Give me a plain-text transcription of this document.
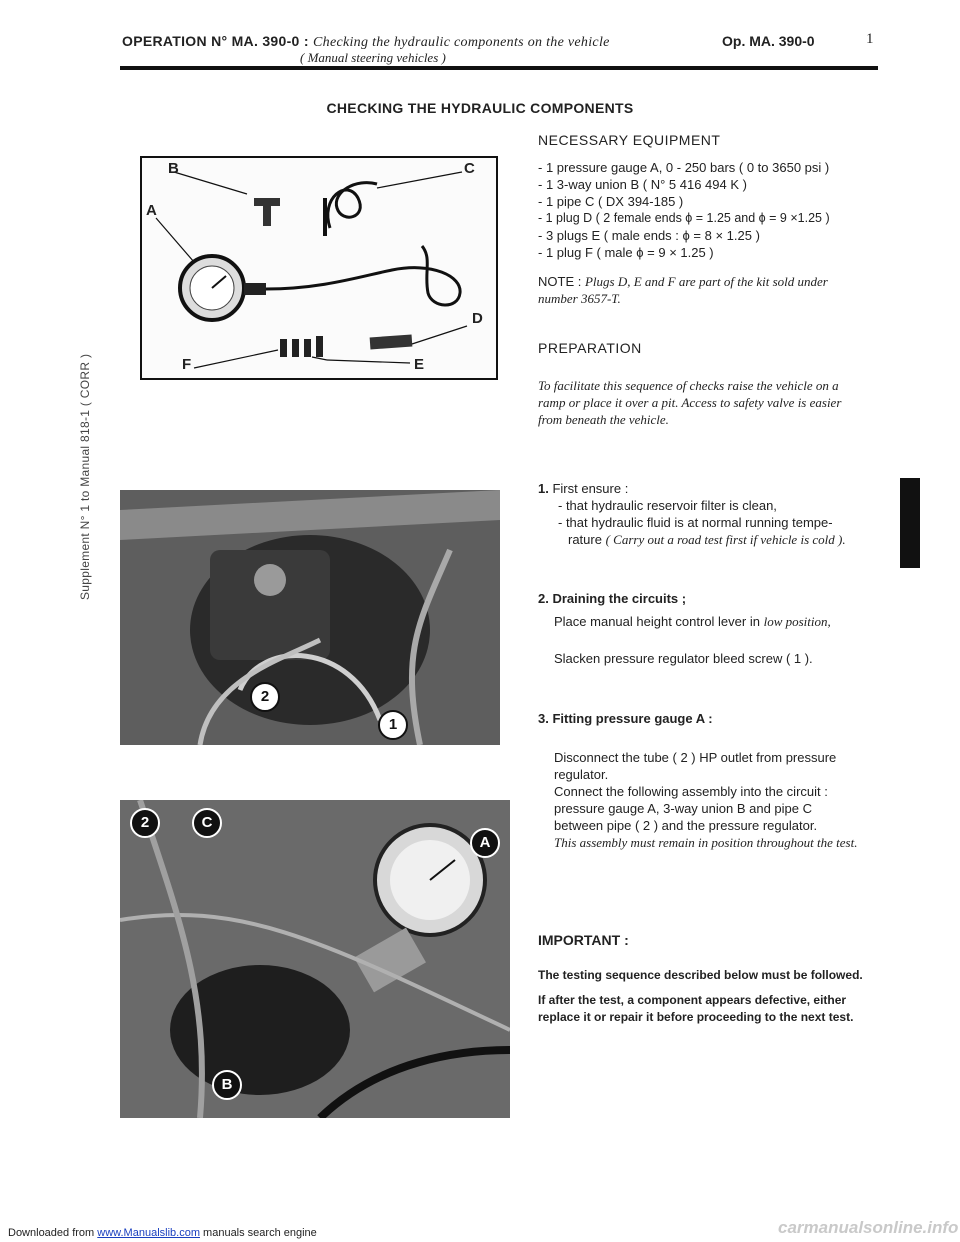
OPERATION N° MA. 390-0 : Checking the hydraulic components on the vehicle
( Manual steering vehicles )
Op. MA. 390-0	1
CHECKING THE HYDRAULIC COMPONENTS
Supplement N° 1 to Manual 818-1 ( CORR )
B
A
C
D
E
F
2
1
2	C
A
B
NECESSARY EQUIPMENT
- 1 pressure gauge A, 0 - 250 bars ( 0 to 3650 psi )
- 1 3-way union B ( N° 5 416 494 K )
- 1 pipe C ( DX 394-185 )
- 1 plug D ( 2 female ends ϕ = 1.25 and ϕ = 9 ×1.25 )
- 3 plugs E ( male ends : ϕ = 8 × 1.25 )
- 1 plug F ( male ϕ = 9 × 1.25 )
NOTE : Plugs D, E and F are part of the kit sold under number 3657-T.
PREPARATION
To facilitate this sequence of checks raise the vehicle on a ramp or place it over a pit. Access to safety valve is easier from beneath the vehicle.
1. First ensure :
- that hydraulic reservoir filter is clean,
- that hydraulic fluid is at normal running tempe-
rature ( Carry out a road test first if vehicle is cold ).
2. Draining the circuits ;
Place manual height control lever in low position,
Slacken pressure regulator bleed screw ( 1 ).
3. Fitting pressure gauge A :
Disconnect the tube ( 2 ) HP outlet from pressure regulator.
Connect the following assembly into the circuit : pressure gauge A, 3-way union B and pipe C between pipe ( 2 ) and the pressure regulator.
This assembly must remain in position throughout the test.
IMPORTANT :
The testing sequence described below must be followed.
If after the test, a component appears defective, either replace it or repair it before proceeding to the next test.
Downloaded from www.Manualslib.com manuals search engine	carmanualsonline.info
